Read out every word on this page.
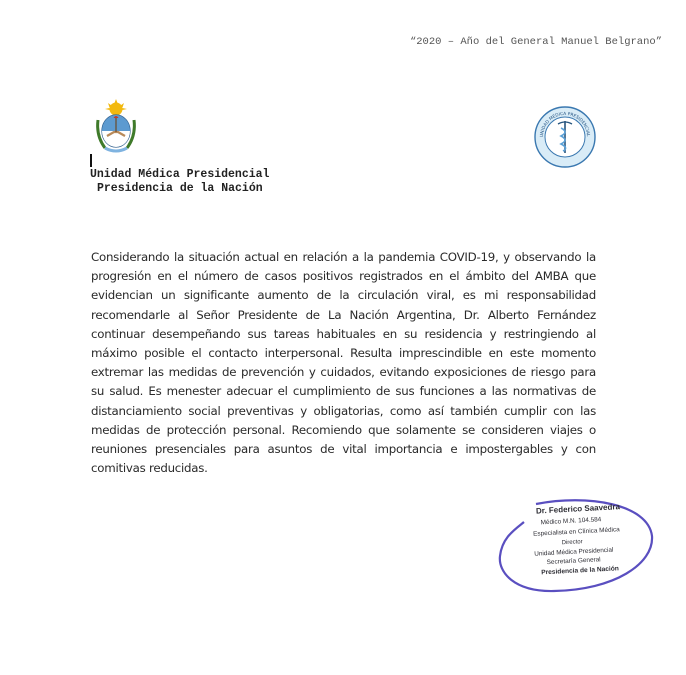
“2020 – Año del General Manuel Belgrano”
Unidad Médica Presidencial
Presidencia de la Nación
UNIDAD MÉDICA PRESIDENCIAL
Considerando la situación actual en relación a la pandemia COVID-19, y observando la progresión en el número de casos positivos registrados en el ámbito del AMBA que evidencian un significante aumento de la circulación viral, es mi responsabilidad recomendarle al Señor Presidente de La Nación Argentina, Dr. Alberto Fernández continuar desempeñando sus tareas habituales en su residencia y restringiendo al máximo posible el contacto interpersonal. Resulta imprescindible en este momento extremar las medidas de prevención y cuidados, evitando exposiciones de riesgo para su salud. Es menester adecuar el cumplimiento de sus funciones a las normativas de distanciamiento social preventivas y obligatorias, como así también cumplir con las medidas de protección personal. Recomiendo que solamente se consideren viajes o reuniones presenciales para asuntos de vital importancia e impostergables y con comitivas reducidas.
Dr. Federico Saavedra
Médico M.N. 104.584
Especialista en Clínica Médica
Director
Unidad Médica Presidencial
Secretaría General
Presidencia de la Nación
